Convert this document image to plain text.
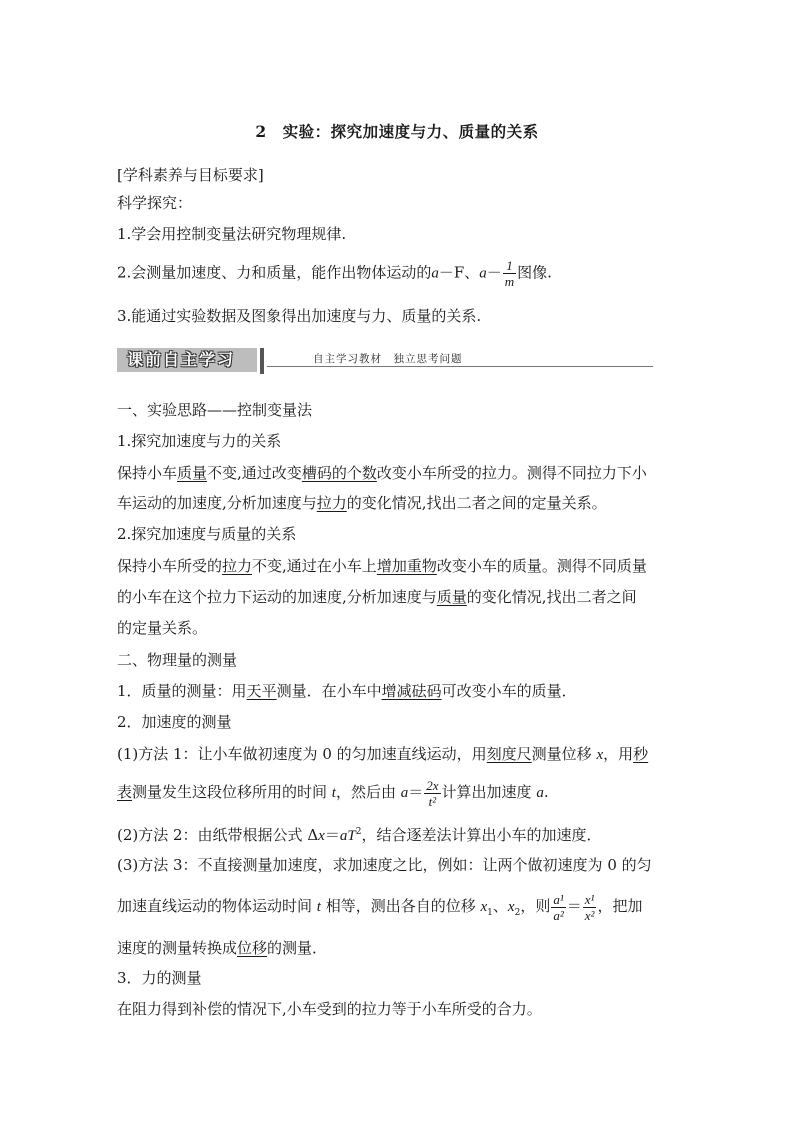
2　实验：探究加速度与力、质量的关系
[学科素养与目标要求]
科学探究：
1.学会用控制变量法研究物理规律.
2.会测量加速度、力和质量，能作出物体运动的a－F、$a- \frac{1}{m}$ 图像.
3.能通过实验数据及图象得出加速度与力、质量的关系.
课前自主学习	自主学习教材　独立思考问题
一、实验思路——控制变量法
1.探究加速度与力的关系
保持小车质量不变,通过改变槽码的个数改变小车所受的拉力。测得不同拉力下小
车运动的加速度,分析加速度与拉力的变化情况,找出二者之间的定量关系。
2.探究加速度与质量的关系
保持小车所受的拉力不变,通过在小车上增加重物改变小车的质量。测得不同质量
的小车在这个拉力下运动的加速度,分析加速度与质量的变化情况,找出二者之间
的定量关系。
二、物理量的测量
1．质量的测量：用天平测量．在小车中增减砝码可改变小车的质量．
2．加速度的测量
(1)方法 1：让小车做初速度为 0 的匀加速直线运动，用刻度尺测量位移 x，用秒
表测量发生这段位移所用的时间 t，然后由 $a= \frac{2x}{\text{t²}}$ 计算出加速度 a.
(2)方法 2：由纸带根据公式 $\Delta x=aT^2$，结合逐差法计算出小车的加速度．
(3)方法 3：不直接测量加速度，求加速度之比，例如：让两个做初速度为 0 的匀
加速直线运动的物体运动时间 t 相等，测出各自的位移 $x_1$、$x_2$，则 $\frac{\text{a¹}}{\text{a²}} = \frac{\text{x¹}}{\text{x²}}$ ，把加
速度的测量转换成位移的测量．
3．力的测量
在阻力得到补偿的情况下,小车受到的拉力等于小车所受的合力。
